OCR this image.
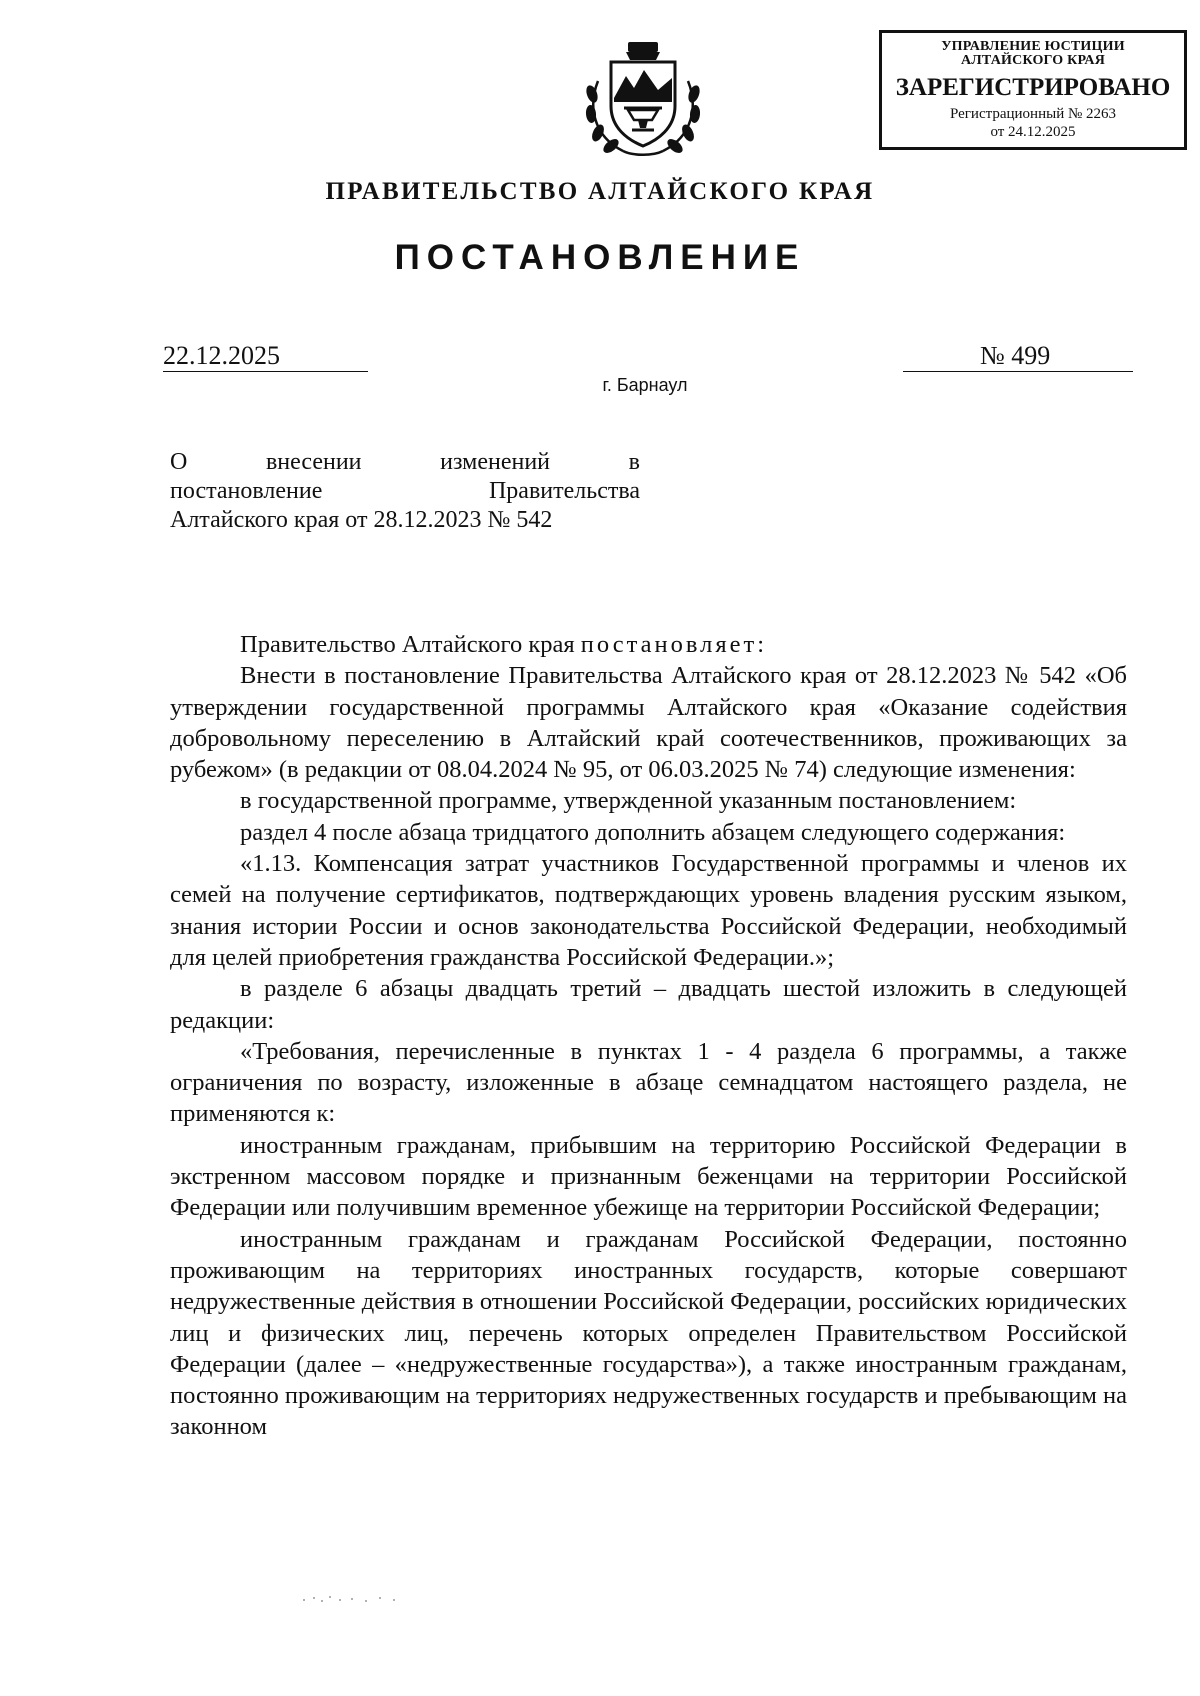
УПРАВЛЕНИЕ ЮСТИЦИИ
АЛТАЙСКОГО КРАЯ
ЗАРЕГИСТРИРОВАНО
Регистрационный № 2263
от 24.12.2025
ПРАВИТЕЛЬСТВО АЛТАЙСКОГО КРАЯ
ПОСТАНОВЛЕНИЕ
22.12.2025	№ 499
г. Барнаул
О внесении изменений в
постановление Правительства
Алтайского края от 28.12.2023 № 542

Правительство Алтайского края постановляет:

Внести в постановление Правительства Алтайского края от 28.12.2023 № 542 «Об утверждении государственной программы Алтайского края «Оказание содействия добровольному переселению в Алтайский край соотечественников, проживающих за рубежом» (в редакции от 08.04.2024 № 95, от 06.03.2025 № 74) следующие изменения:

в государственной программе, утвержденной указанным постановлением:

раздел 4 после абзаца тридцатого дополнить абзацем следующего содержания:

«1.13. Компенсация затрат участников Государственной программы и членов их семей на получение сертификатов, подтверждающих уровень владения русским языком, знания истории России и основ законодательства Российской Федерации, необходимый для целей приобретения гражданства Российской Федерации.»;

в разделе 6 абзацы двадцать третий – двадцать шестой изложить в следующей редакции:

«Требования, перечисленные в пунктах 1 - 4 раздела 6 программы, а также ограничения по возрасту, изложенные в абзаце семнадцатом настоящего раздела, не применяются к:

иностранным гражданам, прибывшим на территорию Российской Федерации в экстренном массовом порядке и признанным беженцами на территории Российской Федерации или получившим временное убежище на территории Российской Федерации;

иностранным гражданам и гражданам Российской Федерации, постоянно проживающим на территориях иностранных государств, которые совершают недружественные действия в отношении Российской Федерации, российских юридических лиц и физических лиц, перечень которых определен Правительством Российской Федерации (далее – «недружественные государства»), а также иностранным гражданам, постоянно проживающим на территориях недружественных государств и пребывающим на законном
